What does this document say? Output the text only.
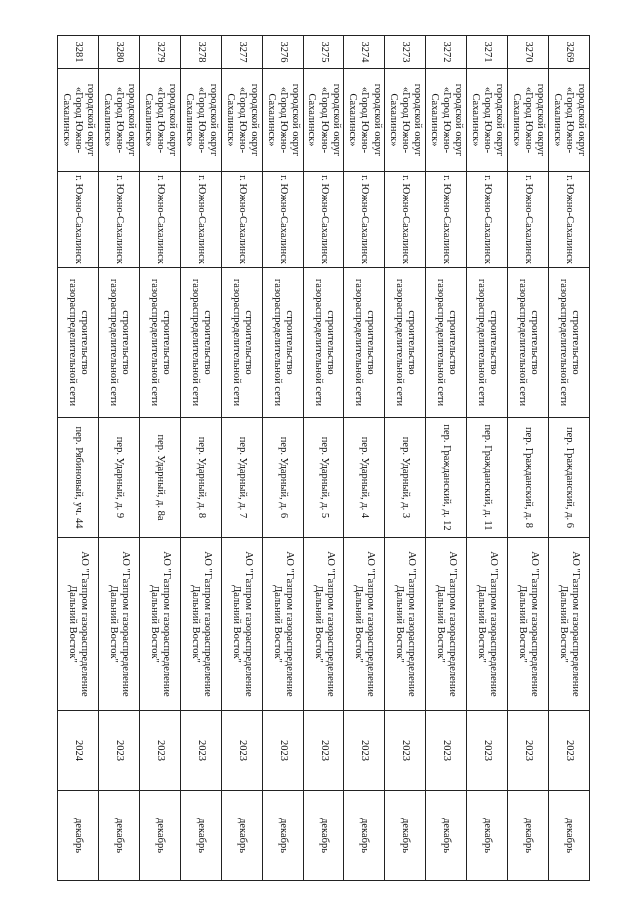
3269	городской округ «Город Южно-Сахалинск»	г. Южно-Сахалинск	строительство газораспределительной сети	пер. Гражданский, д. 6	АО "Газпром газораспределение Дальний Восток"	2023	декабрь
3270	городской округ «Город Южно-Сахалинск»	г. Южно-Сахалинск	строительство газораспределительной сети	пер. Гражданский, д. 8	АО "Газпром газораспределение Дальний Восток"	2023	декабрь
3271	городской округ «Город Южно-Сахалинск»	г. Южно-Сахалинск	строительство газораспределительной сети	пер. Гражданский, д. 11	АО "Газпром газораспределение Дальний Восток"	2023	декабрь
3272	городской округ «Город Южно-Сахалинск»	г. Южно-Сахалинск	строительство газораспределительной сети	пер. Гражданский, д. 12	АО "Газпром газораспределение Дальний Восток"	2023	декабрь
3273	городской округ «Город Южно-Сахалинск»	г. Южно-Сахалинск	строительство газораспределительной сети	пер. Ударный, д. 3	АО "Газпром газораспределение Дальний Восток"	2023	декабрь
3274	городской округ «Город Южно-Сахалинск»	г. Южно-Сахалинск	строительство газораспределительной сети	пер. Ударный, д. 4	АО "Газпром газораспределение Дальний Восток"	2023	декабрь
3275	городской округ «Город Южно-Сахалинск»	г. Южно-Сахалинск	строительство газораспределительной сети	пер. Ударный, д. 5	АО "Газпром газораспределение Дальний Восток"	2023	декабрь
3276	городской округ «Город Южно-Сахалинск»	г. Южно-Сахалинск	строительство газораспределительной сети	пер. Ударный, д. 6	АО "Газпром газораспределение Дальний Восток"	2023	декабрь
3277	городской округ «Город Южно-Сахалинск»	г. Южно-Сахалинск	строительство газораспределительной сети	пер. Ударный, д. 7	АО "Газпром газораспределение Дальний Восток"	2023	декабрь
3278	городской округ «Город Южно-Сахалинск»	г. Южно-Сахалинск	строительство газораспределительной сети	пер. Ударный, д. 8	АО "Газпром газораспределение Дальний Восток"	2023	декабрь
3279	городской округ «Город Южно-Сахалинск»	г. Южно-Сахалинск	строительство газораспределительной сети	пер. Ударный, д. 8а	АО "Газпром газораспределение Дальний Восток"	2023	декабрь
3280	городской округ «Город Южно-Сахалинск»	г. Южно-Сахалинск	строительство газораспределительной сети	пер. Ударный, д. 9	АО "Газпром газораспределение Дальний Восток"	2023	декабрь
3281	городской округ «Город Южно-Сахалинск»	г. Южно-Сахалинск	строительство газораспределительной сети	пер. Рябиновый, уч. 44	АО "Газпром газораспределение Дальний Восток"	2024	декабрь
